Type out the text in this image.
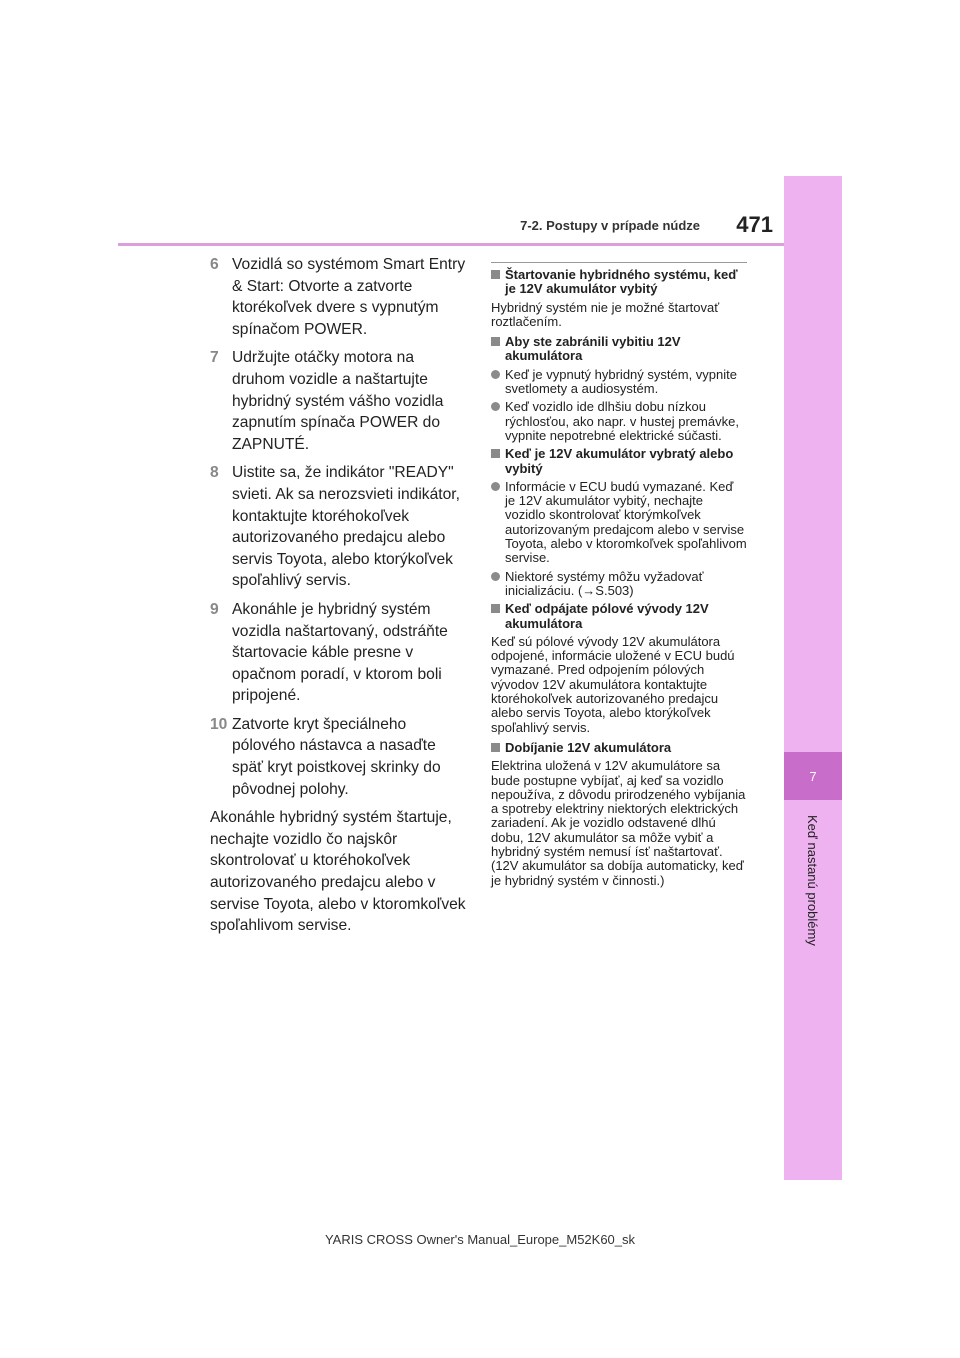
7
Keď nastanú problémy
7-2. Postupy v prípade núdze	471
6 Vozidlá so systémom Smart Entry & Start: Otvorte a zatvorte ktorékoľvek dvere s vypnutým spínačom POWER.
7 Udržujte otáčky motora na druhom vozidle a naštartujte hybridný systém vášho vozidla zapnutím spínača POWER do ZAPNUTÉ.
8 Uistite sa, že indikátor "READY" svieti. Ak sa nerozsvieti indikátor, kontaktujte ktoréhokoľvek autorizovaného predajcu alebo servis Toyota, alebo ktorýkoľvek spoľahlivý servis.
9 Akonáhle je hybridný systém vozidla naštartovaný, odstráňte štartovacie káble presne v opačnom poradí, v ktorom boli pripojené.
10 Zatvorte kryt špeciálneho pólového nástavca a nasaďte späť kryt poistkovej skrinky do pôvodnej polohy.
Akonáhle hybridný systém štartuje, nechajte vozidlo čo najskôr skontrolovať u ktoréhokoľvek autorizovaného predajcu alebo v servise Toyota, alebo v ktoromkoľvek spoľahlivom servise.
Štartovanie hybridného systému, keď je 12V akumulátor vybitý
Hybridný systém nie je možné štartovať roztlačením.
Aby ste zabránili vybitiu 12V akumulátora
Keď je vypnutý hybridný systém, vypnite svetlomety a audiosystém.
Keď vozidlo ide dlhšiu dobu nízkou rýchlosťou, ako napr. v hustej premávke, vypnite nepotrebné elektrické súčasti.
Keď je 12V akumulátor vybratý alebo vybitý
Informácie v ECU budú vymazané. Keď je 12V akumulátor vybitý, nechajte vozidlo skontrolovať ktorýmkoľvek autorizovaným predajcom alebo v servise Toyota, alebo v ktoromkoľvek spoľahlivom servise.
Niektoré systémy môžu vyžadovať inicializáciu. (→S.503)
Keď odpájate pólové vývody 12V akumulátora
Keď sú pólové vývody 12V akumulátora odpojené, informácie uložené v ECU budú vymazané. Pred odpojením pólových vývodov 12V akumulátora kontaktujte ktoréhokoľvek autorizovaného predajcu alebo servis Toyota, alebo ktorýkoľvek spoľahlivý servis.
Dobíjanie 12V akumulátora
Elektrina uložená v 12V akumulátore sa bude postupne vybíjať, aj keď sa vozidlo nepoužíva, z dôvodu prirodzeného vybíjania a spotreby elektriny niektorých elektrických zariadení. Ak je vozidlo odstavené dlhú dobu, 12V akumulátor sa môže vybiť a hybridný systém nemusí ísť naštartovať. (12V akumulátor sa dobíja automaticky, keď je hybridný systém v činnosti.)
YARIS CROSS Owner's Manual_Europe_M52K60_sk
